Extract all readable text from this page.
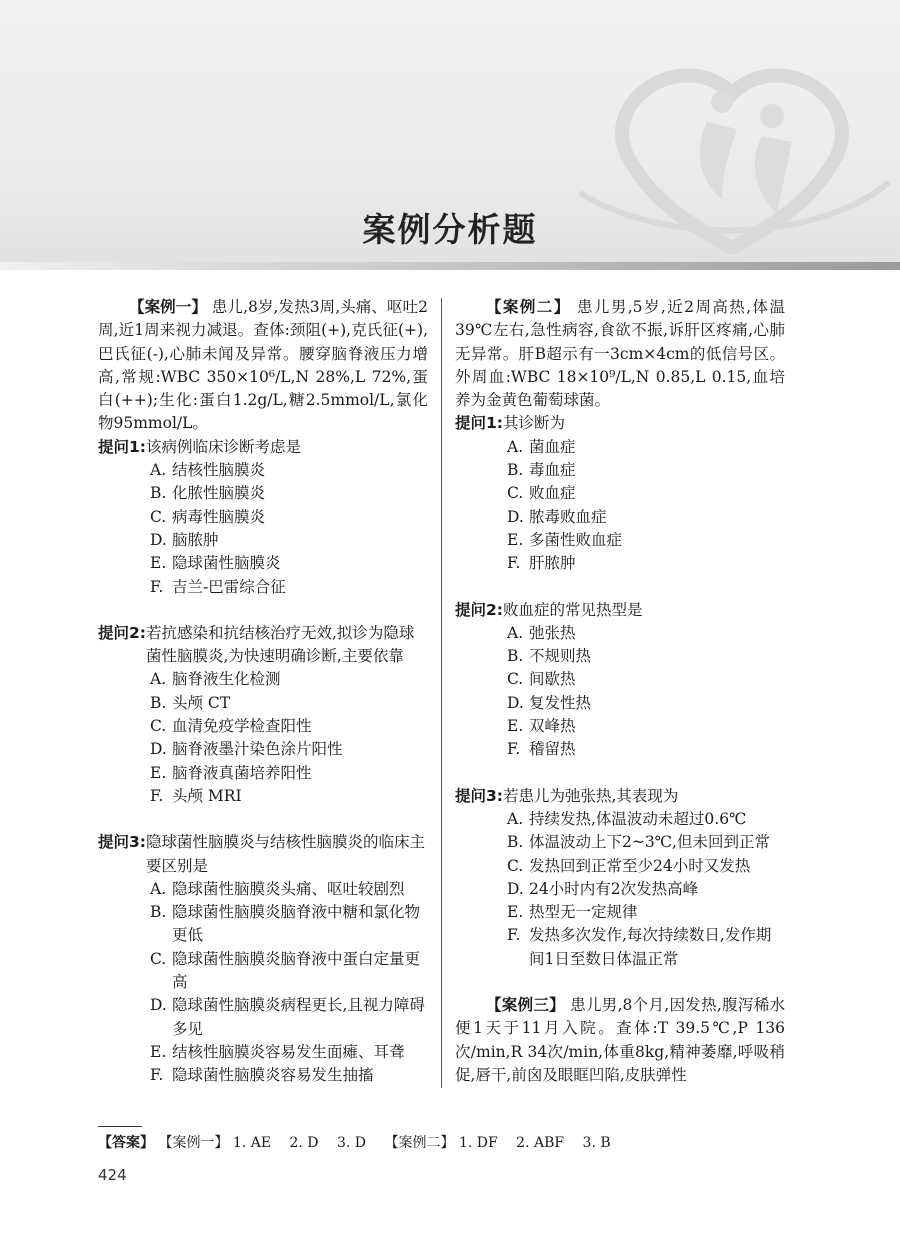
案例分析题

【案例一】 患儿,8岁,发热3周,头痛、呕吐2周,近1周来视力减退。查体:颈阻(+),克氏征(+),巴氏征(-),心肺未闻及异常。腰穿脑脊液压力增高,常规:WBC 350×10⁶/L,N 28%,L 72%,蛋白(++);生化:蛋白1.2g/L,糖2.5mmol/L,氯化物95mmol/L。

提问1: 该病例临床诊断考虑是
A. 结核性脑膜炎
B. 化脓性脑膜炎
C. 病毒性脑膜炎
D. 脑脓肿
E. 隐球菌性脑膜炎
F. 吉兰-巴雷综合征
提问2: 若抗感染和抗结核治疗无效,拟诊为隐球菌性脑膜炎,为快速明确诊断,主要依靠
A. 脑脊液生化检测
B. 头颅 CT
C. 血清免疫学检查阳性
D. 脑脊液墨汁染色涂片阳性
E. 脑脊液真菌培养阳性
F. 头颅 MRI
提问3: 隐球菌性脑膜炎与结核性脑膜炎的临床主要区别是
A. 隐球菌性脑膜炎头痛、呕吐较剧烈
B. 隐球菌性脑膜炎脑脊液中糖和氯化物更低
C. 隐球菌性脑膜炎脑脊液中蛋白定量更高
D. 隐球菌性脑膜炎病程更长,且视力障碍多见
E. 结核性脑膜炎容易发生面瘫、耳聋
F. 隐球菌性脑膜炎容易发生抽搐

【案例二】 患儿男,5岁,近2周高热,体温39℃左右,急性病容,食欲不振,诉肝区疼痛,心肺无异常。肝B超示有一3cm×4cm的低信号区。外周血:WBC 18×10⁹/L,N 0.85,L 0.15,血培养为金黄色葡萄球菌。

提问1: 其诊断为
A. 菌血症
B. 毒血症
C. 败血症
D. 脓毒败血症
E. 多菌性败血症
F. 肝脓肿
提问2: 败血症的常见热型是
A. 弛张热
B. 不规则热
C. 间歇热
D. 复发性热
E. 双峰热
F. 稽留热
提问3: 若患儿为弛张热,其表现为
A. 持续发热,体温波动未超过0.6℃
B. 体温波动上下2~3℃,但未回到正常
C. 发热回到正常至少24小时又发热
D. 24小时内有2次发热高峰
E. 热型无一定规律
F. 发热多次发作,每次持续数日,发作期间1日至数日体温正常

【案例三】 患儿男,8个月,因发热,腹泻稀水便1天于11月入院。查体:T 39.5℃,P 136次/min,R 34次/min,体重8kg,精神萎靡,呼吸稍促,唇干,前囟及眼眶凹陷,皮肤弹性

【答案】 【案例一】 1. AE 2. D 3. D 【案例二】 1. DF 2. ABF 3. B
424
